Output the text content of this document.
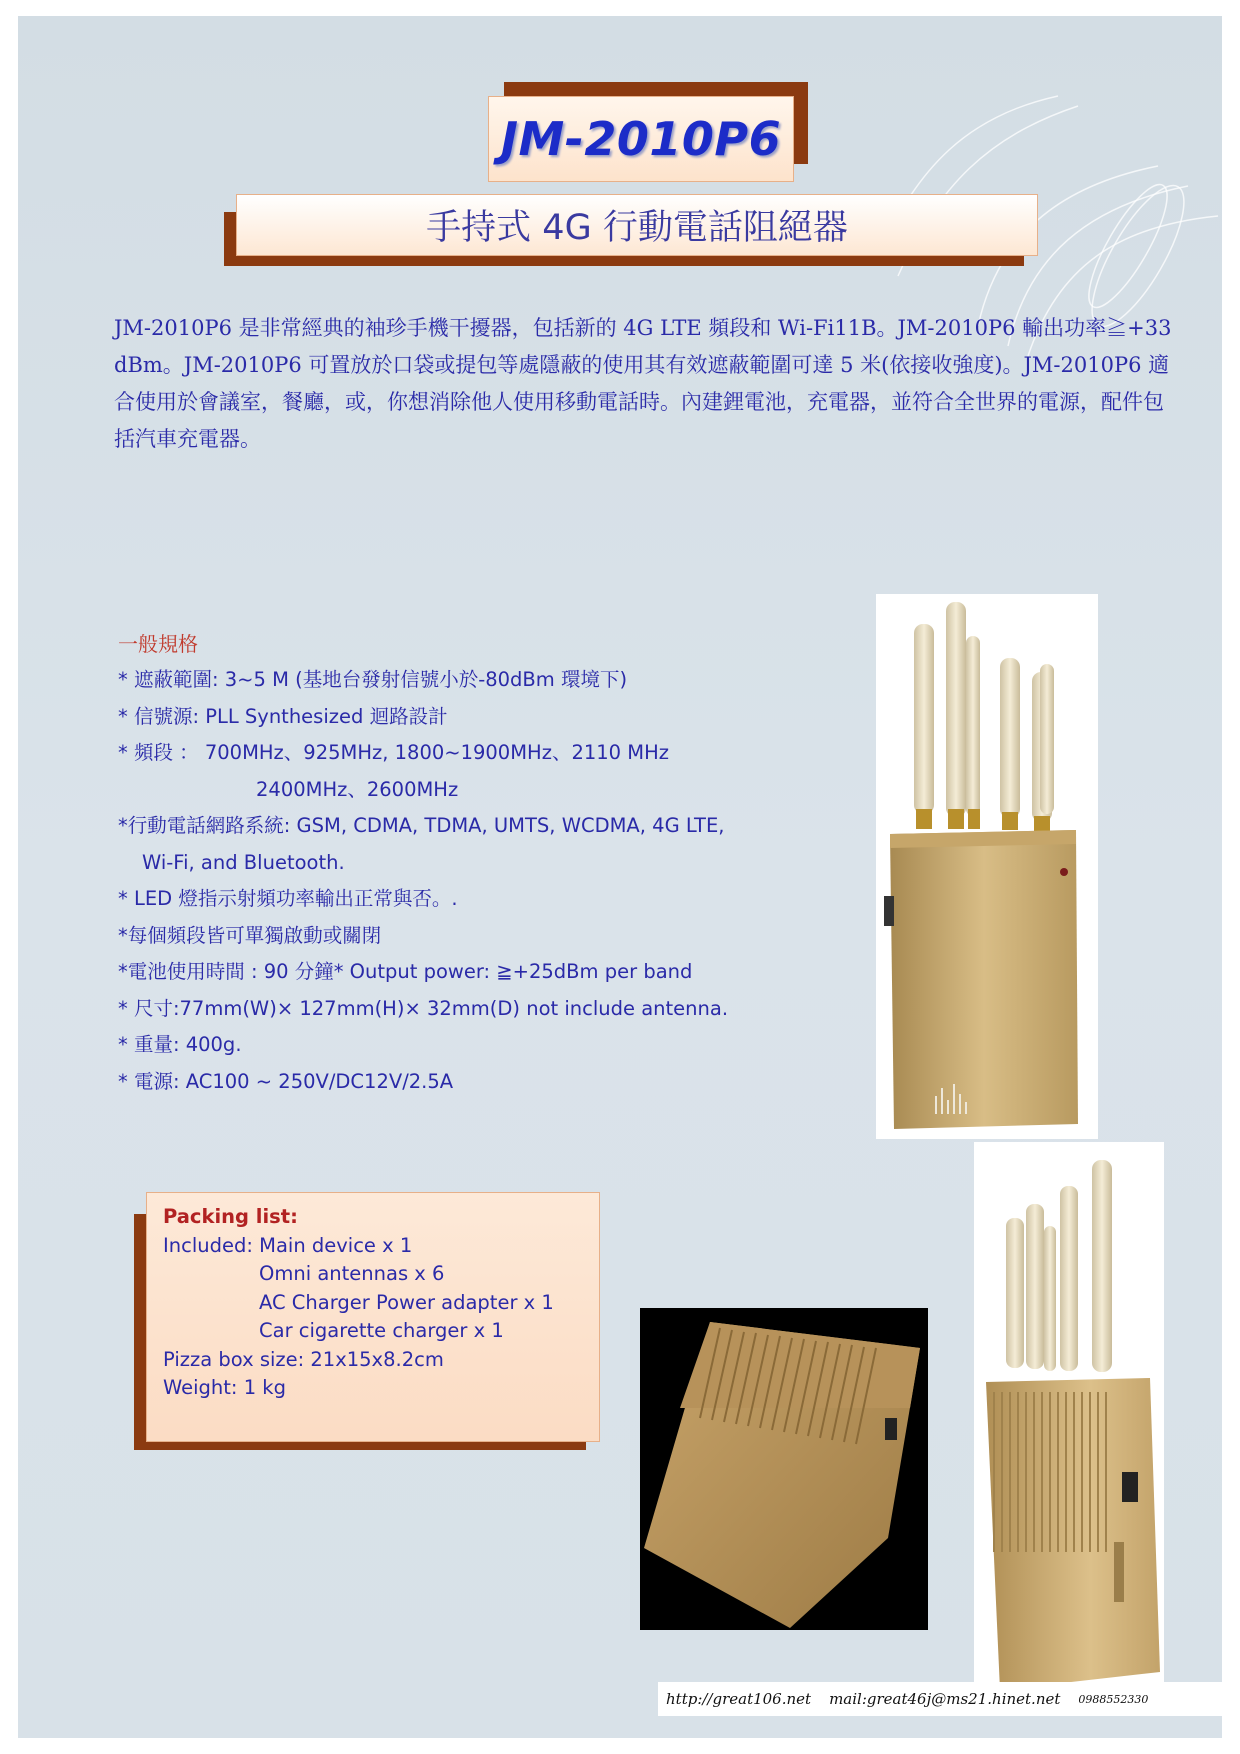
JM-2010P6
手持式 4G 行動電話阻絕器

JM-2010P6 是非常經典的袖珍手機干擾器，包括新的 4G LTE 頻段和 Wi-Fi11B。JM-2010P6 輸出功率≧+33 dBm。JM-2010P6 可置放於口袋或提包等處隱蔽的使用其有效遮蔽範圍可達 5 米(依接收強度)。JM-2010P6 適合使用於會議室，餐廳，或，你想消除他人使用移動電話時。內建鋰電池，充電器，並符合全世界的電源，配件包括汽車充電器。

一般規格

* 遮蔽範圍: 3~5 M (基地台發射信號小於-80dBm 環境下)

* 信號源: PLL Synthesized 迴路設計

* 頻段 ： 700MHz、925MHz, 1800~1900MHz、2110 MHz

2400MHz、2600MHz

*行動電話網路系統: GSM, CDMA, TDMA, UMTS, WCDMA, 4G LTE,

Wi-Fi, and Bluetooth.

* LED 燈指示射頻功率輸出正常與否。.

*每個頻段皆可單獨啟動或關閉

*電池使用時間 : 90 分鐘* Output power: ≧+25dBm per band

* 尺寸:77mm(W)× 127mm(H)× 32mm(D) not include antenna.

* 重量: 400g.

* 電源: AC100 ~ 250V/DC12V/2.5A

Packing list:

Included: Main device x 1

Omni antennas x 6

AC Charger Power adapter x 1

Car cigarette charger x 1

Pizza box size: 21x15x8.2cm

Weight: 1 kg

http://great106.net mail:great46j@ms21.hinet.net 0988552330
